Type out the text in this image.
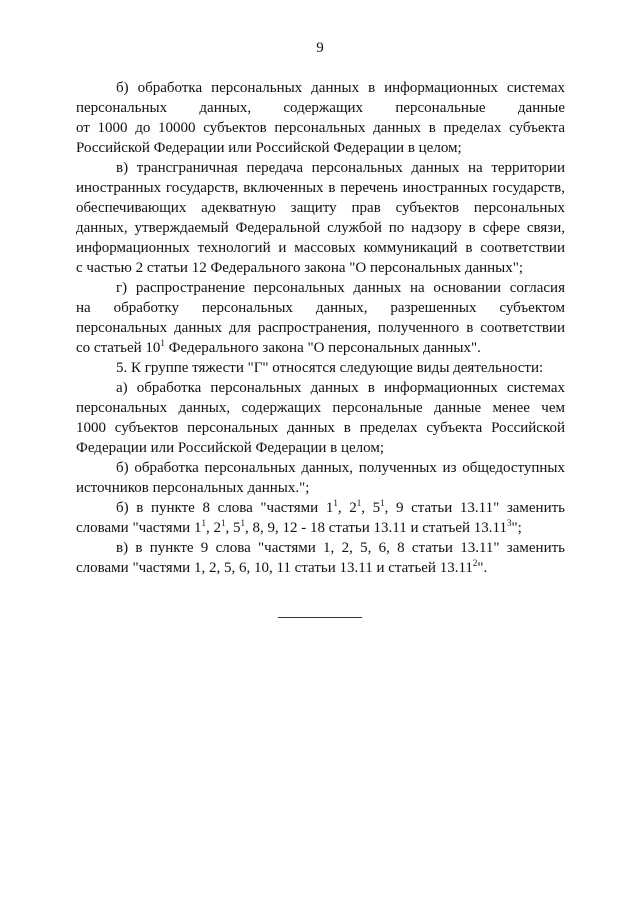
9
б) обработка персональных данных в информационных системах
персональных данных, содержащих персональные данные
от 1000 до 10000 субъектов персональных данных в пределах субъекта
Российской Федерации или Российской Федерации в целом;
в) трансграничная передача персональных данных на территории
иностранных государств, включенных в перечень иностранных государств,
обеспечивающих адекватную защиту прав субъектов персональных
данных, утверждаемый Федеральной службой по надзору в сфере связи,
информационных технологий и массовых коммуникаций в соответствии
с частью 2 статьи 12 Федерального закона "О персональных данных";
г) распространение персональных данных на основании согласия
на обработку персональных данных, разрешенных субъектом
персональных данных для распространения, полученного в соответствии
со статьей $10^1$ Федерального закона "О персональных данных".
5. К группе тяжести "Г" относятся следующие виды деятельности:
а) обработка персональных данных в информационных системах
персональных данных, содержащих персональные данные менее чем
1000 субъектов персональных данных в пределах субъекта Российской
Федерации или Российской Федерации в целом;
б) обработка персональных данных, полученных из общедоступных
источников персональных данных.";
б) в пункте 8 слова "частями $1^1$, $2^1$, $5^1$, 9 статьи 13.11" заменить
словами "частями $1^1$, $2^1$, $5^1$, 8, 9, 12 - 18 статьи 13.11 и статьей 13.11$^3$";
в) в пункте 9 слова "частями 1, 2, 5, 6, 8 статьи 13.11" заменить
словами "частями 1, 2, 5, 6, 10, 11 статьи 13.11 и статьей 13.11$^2$".
